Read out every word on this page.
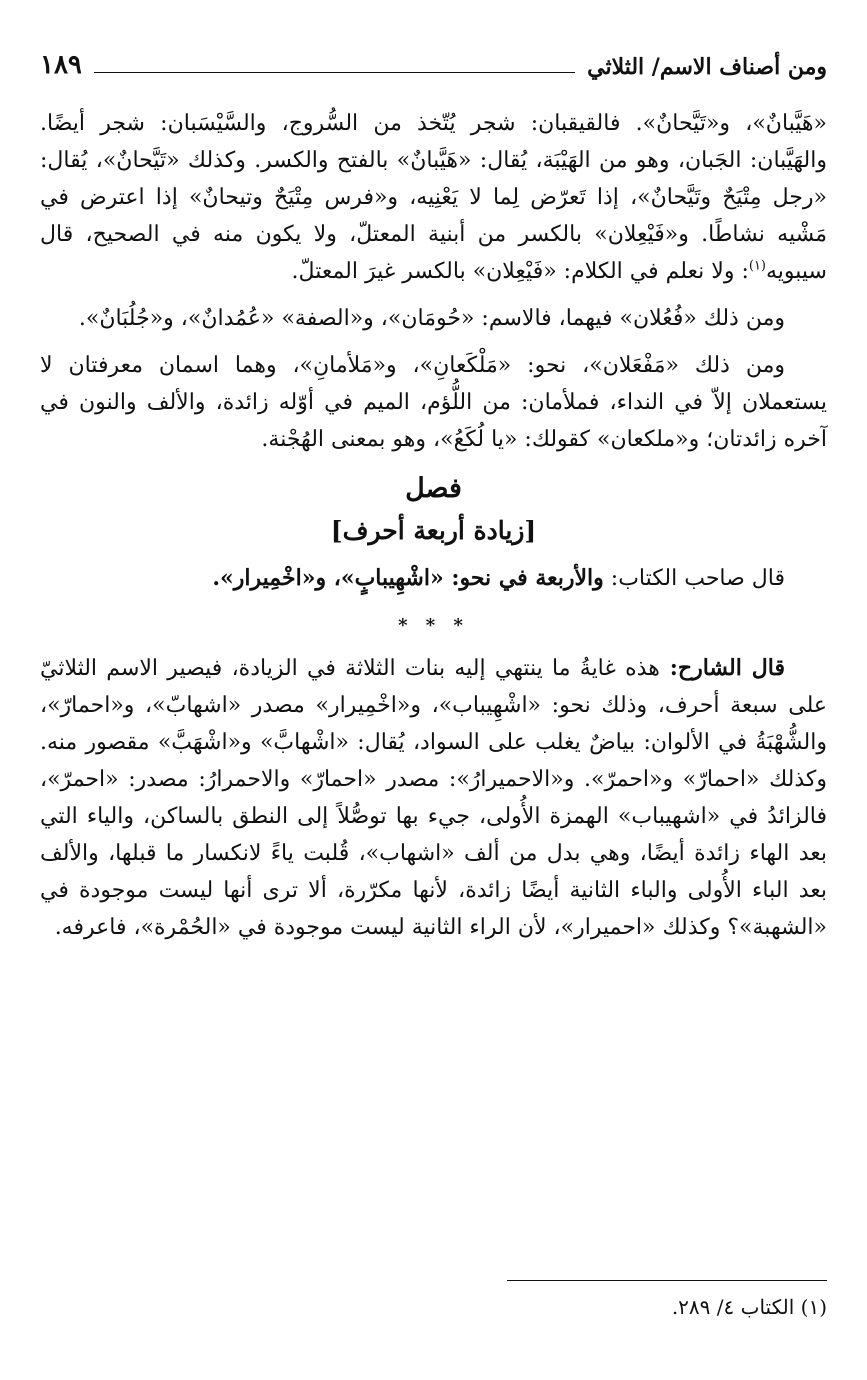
ومن أصناف الاسم/ الثلاثي
١٨٩

«هَيَّبانٌ»، و«تَيَّحانٌ». فالقيقبان: شجر يُتّخذ من السُّروج، والسَّيْسَبان: شجر أيضًا. والهَيَّبان: الجَبان، وهو من الهَيْبَة، يُقال: «هَيَّبانٌ» بالفتح والكسر. وكذلك «تَيَّحانٌ»، يُقال: «رجل مِتْيَحٌ وتَيَّحانٌ»، إذا تَعرّض لِما لا يَعْنِيه، و«فرس مِتْيَحٌ وتيحانٌ» إذا اعترض في مَشْيه نشاطًا. و«فَيْعِلان» بالكسر من أبنية المعتلّ، ولا يكون منه في الصحيح، قال سيبويه$^{(١)}$: ولا نعلم في الكلام: «فَيْعِلان» بالكسر غيرَ المعتلّ.

ومن ذلك «فُعُلان» فيهما، فالاسم: «حُومَان»، و«الصفة» «عُمُدانٌ»، و«جُلُبَانٌ».

ومن ذلك «مَفْعَلان»، نحو: «مَلْكَعانِ»، و«مَلأمانِ»، وهما اسمان معرفتان لا يستعملان إلاّ في النداء، فملأمان: من اللُّؤم، الميم في أوّله زائدة، والألف والنون في آخره زائدتان؛ و«ملكعان» كقولك: «يا لُكَعُ»، وهو بمعنى الهُجْنة.

فصل
[زيادة أربعة أحرف]

قال صاحب الكتاب: والأربعة في نحو: «اشْهِيبابٍ»، و«اخْمِيرار».

* * *

قال الشارح: هذه غايةُ ما ينتهي إليه بنات الثلاثة في الزيادة، فيصير الاسم الثلاثيّ على سبعة أحرف، وذلك نحو: «اشْهِيباب»، و«اخْمِيرار» مصدر «اشهابّ»، و«احمارّ»، والشُّهْبَةُ في الألوان: بياضٌ يغلب على السواد، يُقال: «اشْهابَّ» و«اشْهَبَّ» مقصور منه. وكذلك «احمارّ» و«احمرّ». و«الاحميرارُ»: مصدر «احمارّ» والاحمرارُ: مصدر: «احمرّ»، فالزائدُ في «اشهيباب» الهمزة الأُولى، جيء بها توصُّلاً إلى النطق بالساكن، والياء التي بعد الهاء زائدة أيضًا، وهي بدل من ألف «اشهاب»، قُلبت ياءً لانكسار ما قبلها، والألف بعد الباء الأُولى والباء الثانية أيضًا زائدة، لأنها مكرّرة، ألا ترى أنها ليست موجودة في «الشهبة»؟ وكذلك «احميرار»، لأن الراء الثانية ليست موجودة في «الحُمْرة»، فاعرفه.

(١) الكتاب ٤/ ٢٨٩.
